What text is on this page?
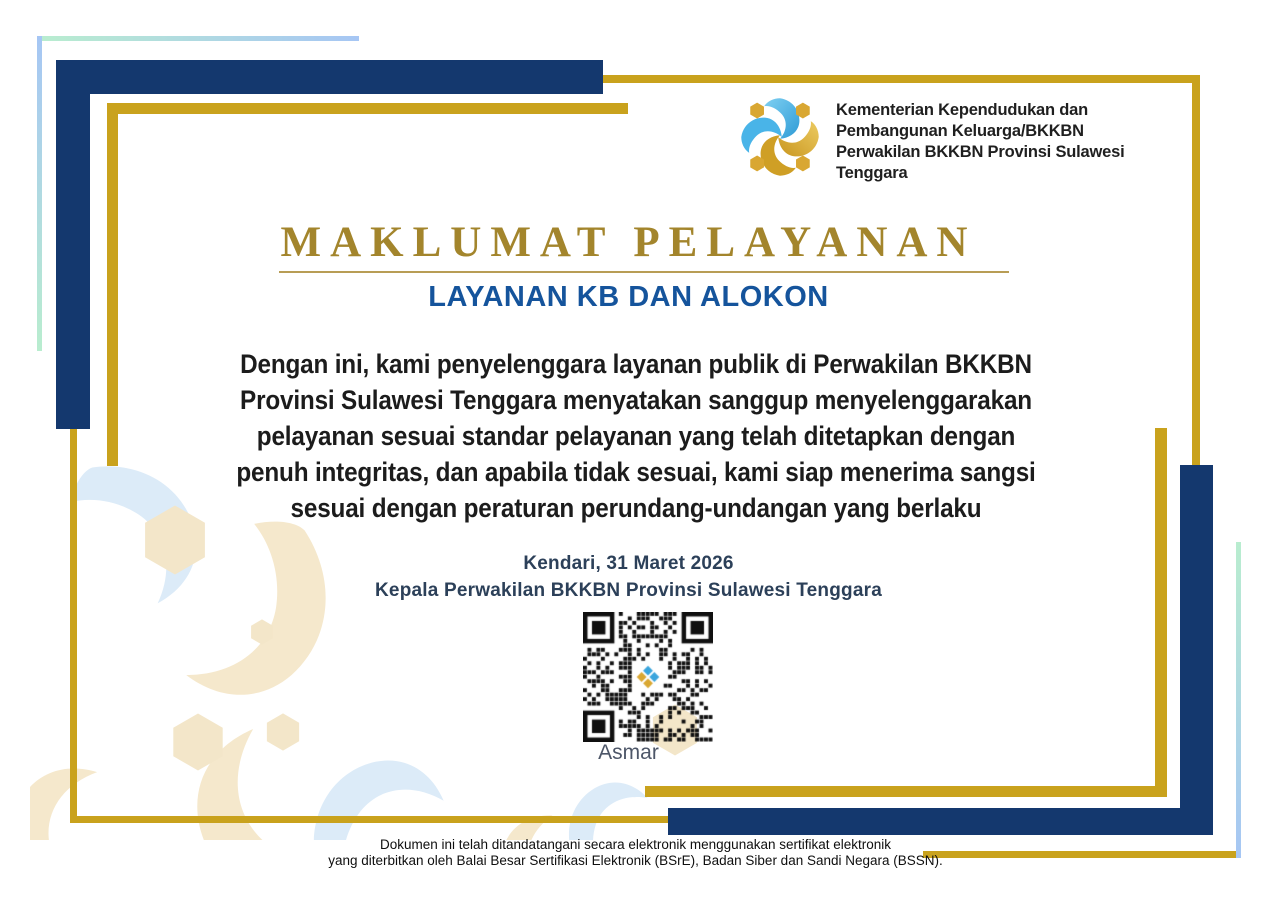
Kementerian Kependudukan dan
Pembangunan Keluarga/BKKBN
Perwakilan BKKBN Provinsi Sulawesi Tenggara
MAKLUMAT PELAYANAN
LAYANAN KB DAN ALOKON
Dengan ini, kami penyelenggara layanan publik di Perwakilan BKKBN
Provinsi Sulawesi Tenggara menyatakan sanggup menyelenggarakan
pelayanan sesuai standar pelayanan yang telah ditetapkan dengan
penuh integritas, dan apabila tidak sesuai, kami siap menerima sangsi
sesuai dengan peraturan perundang-undangan yang berlaku
Kendari, 31 Maret 2026
Kepala Perwakilan BKKBN Provinsi Sulawesi Tenggara
Asmar
Dokumen ini telah ditandatangani secara elektronik menggunakan sertifikat elektronik
yang diterbitkan oleh Balai Besar Sertifikasi Elektronik (BSrE), Badan Siber dan Sandi Negara (BSSN).
